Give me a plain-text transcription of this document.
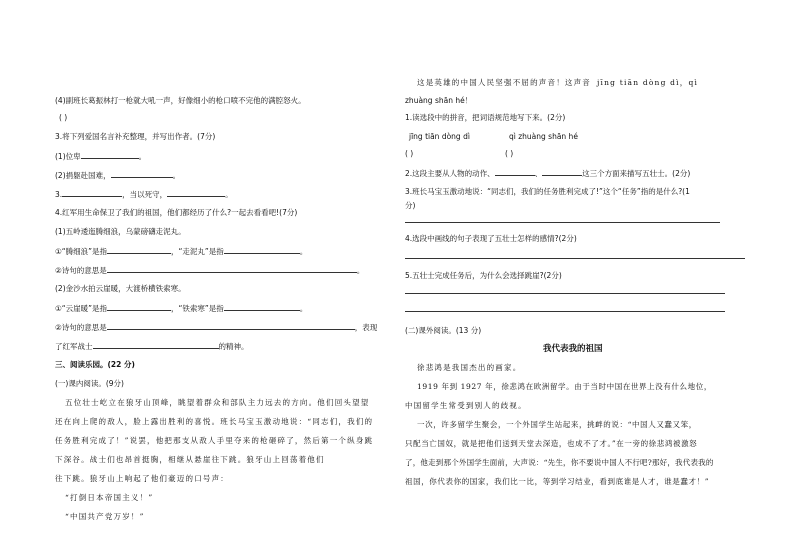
(4)副班长葛振林打一枪就大吼一声，好像细小的枪口喷不完他的满腔怒火。
( )
3.将下列爱国名言补充整理，并写出作者。(7分)
(1)位卑	。
(2)捐躯赴国难，	。
3.	，当以死守，	。
4.红军用生命保卫了我们的祖国，他们都经历了什么?一起去看看吧!(7分)
(1)五岭逶迤腾细浪，乌蒙磅礴走泥丸。
①“腾细浪”是指	，“走泥丸”是指	。
②诗句的意思是	。
(2)金沙水拍云崖暖，大渡桥横铁索寒。
①“云崖暖”是指	，“铁索寒”是指	。
②诗句的意思是	，表现
了红军战士	的精神。
三、阅读乐园。(22 分)
(一)课内阅读。(9分)
五位壮士屹立在狼牙山顶峰，眺望着群众和部队主力远去的方向。他们回头望望
还在向上爬的敌人，脸上露出胜利的喜悦。班长马宝玉激动地说：“同志们，我们的
任务胜利完成了！”说罢，他把那支从敌人手里夺来的枪砸碎了，然后第一个纵身跳
下深谷。战士们也昂首挺胸，相继从悬崖往下跳。狼牙山上回荡着他们
往下跳。狼牙山上响起了他们豪迈的口号声：
“打倒日本帝国主义！”
“中国共产党万岁！”
这是英雄的中国人民坚强不屈的声音！这声音 jīng tiān dòng dì，qì
zhuàng shān hé！
1.读选段中的拼音，把词语规范地写下来。(2分)
jīng tiān dòng dì	qì zhuàng shān hé
( )	( )
2.这段主要从人物的动作、	、	这三个方面来描写五壮士。(2分)
3.班长马宝玉激动地说：“同志们，我们的任务胜利完成了!”这个“任务”指的是什么?(1
分)
4.选段中画线的句子表现了五壮士怎样的感情?(2分)
5.五壮士完成任务后，为什么会选择跳崖?(2分)
(二)课外阅读。(13 分)
我代表我的祖国
徐悲鸿是我国杰出的画家。
1919 年到 1927 年，徐悲鸿在欧洲留学。由于当时中国在世界上没有什么地位，
中国留学生常受到别人的歧视。
一次，许多留学生聚会，一个外国学生站起来，挑衅的说：“中国人又蠢又笨，
只配当亡国奴，就是把他们送到天堂去深造，也成不了才。”在一旁的徐悲鸿被激怒
了，他走到那个外国学生面前，大声说：“先生，你不要说中国人不行吧?那好，我代表我的
祖国，你代表你的国家，我们比一比，等到学习结业，看到底谁是人才，谁是蠢才！”
